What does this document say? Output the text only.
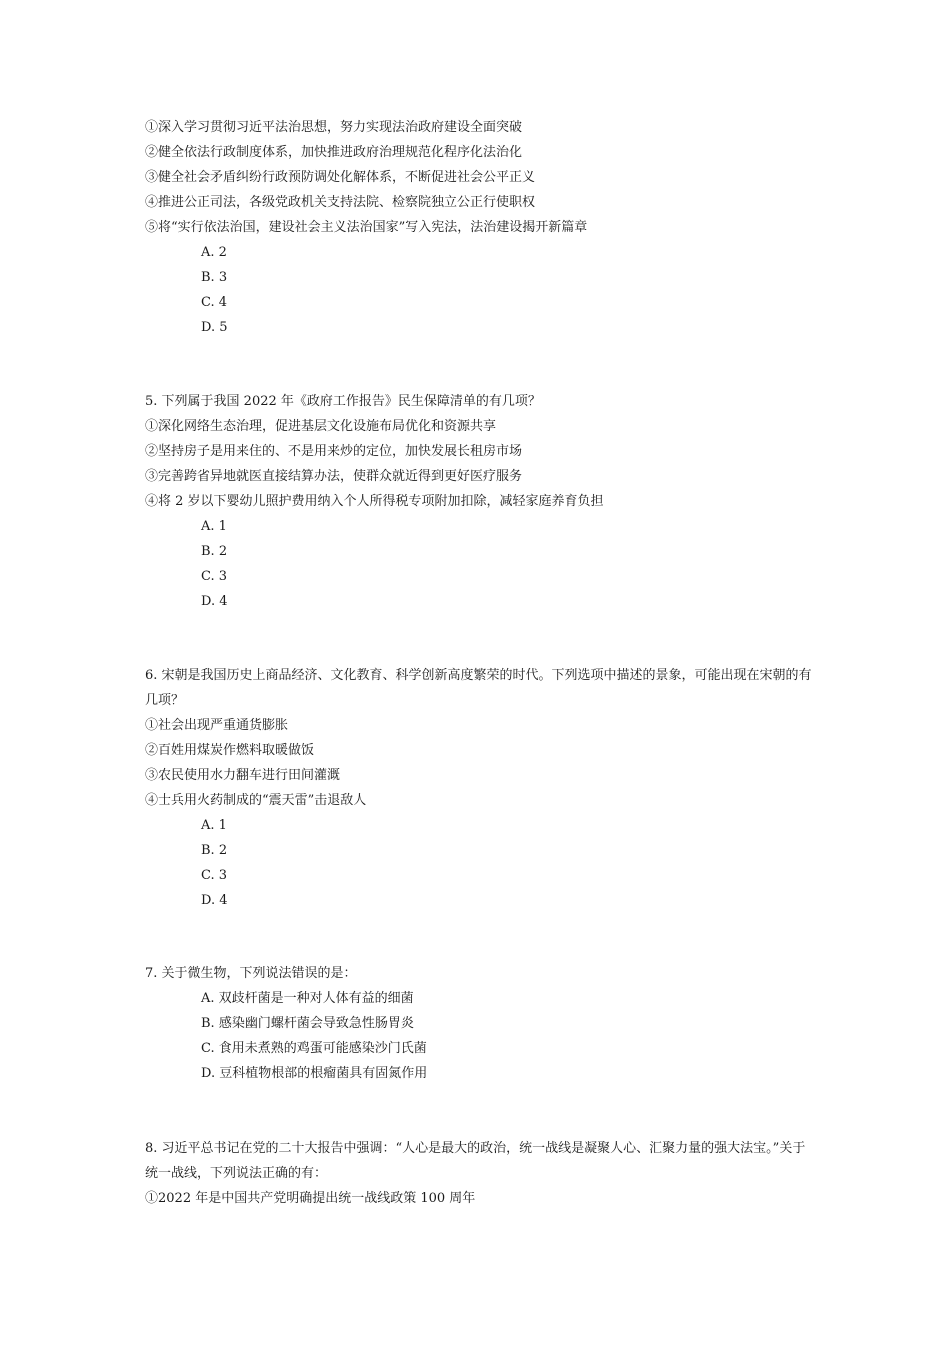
①深入学习贯彻习近平法治思想，努力实现法治政府建设全面突破
②健全依法行政制度体系，加快推进政府治理规范化程序化法治化
③健全社会矛盾纠纷行政预防调处化解体系，不断促进社会公平正义
④推进公正司法，各级党政机关支持法院、检察院独立公正行使职权
⑤将“实行依法治国，建设社会主义法治国家”写入宪法，法治建设揭开新篇章
A. 2
B. 3
C. 4
D. 5
5. 下列属于我国 2022 年《政府工作报告》民生保障清单的有几项？
①深化网络生态治理，促进基层文化设施布局优化和资源共享
②坚持房子是用来住的、不是用来炒的定位，加快发展长租房市场
③完善跨省异地就医直接结算办法，使群众就近得到更好医疗服务
④将 2 岁以下婴幼儿照护费用纳入个人所得税专项附加扣除，减轻家庭养育负担
A. 1
B. 2
C. 3
D. 4
6. 宋朝是我国历史上商品经济、文化教育、科学创新高度繁荣的时代。下列选项中描述的景象，可能出现在宋朝的有几项？
①社会出现严重通货膨胀
②百姓用煤炭作燃料取暖做饭
③农民使用水力翻车进行田间灌溉
④士兵用火药制成的“震天雷”击退敌人
A. 1
B. 2
C. 3
D. 4
7. 关于微生物，下列说法错误的是：
A. 双歧杆菌是一种对人体有益的细菌
B. 感染幽门螺杆菌会导致急性肠胃炎
C. 食用未煮熟的鸡蛋可能感染沙门氏菌
D. 豆科植物根部的根瘤菌具有固氮作用
8. 习近平总书记在党的二十大报告中强调：“人心是最大的政治，统一战线是凝聚人心、汇聚力量的强大法宝。”关于统一战线，下列说法正确的有：
①2022 年是中国共产党明确提出统一战线政策 100 周年
